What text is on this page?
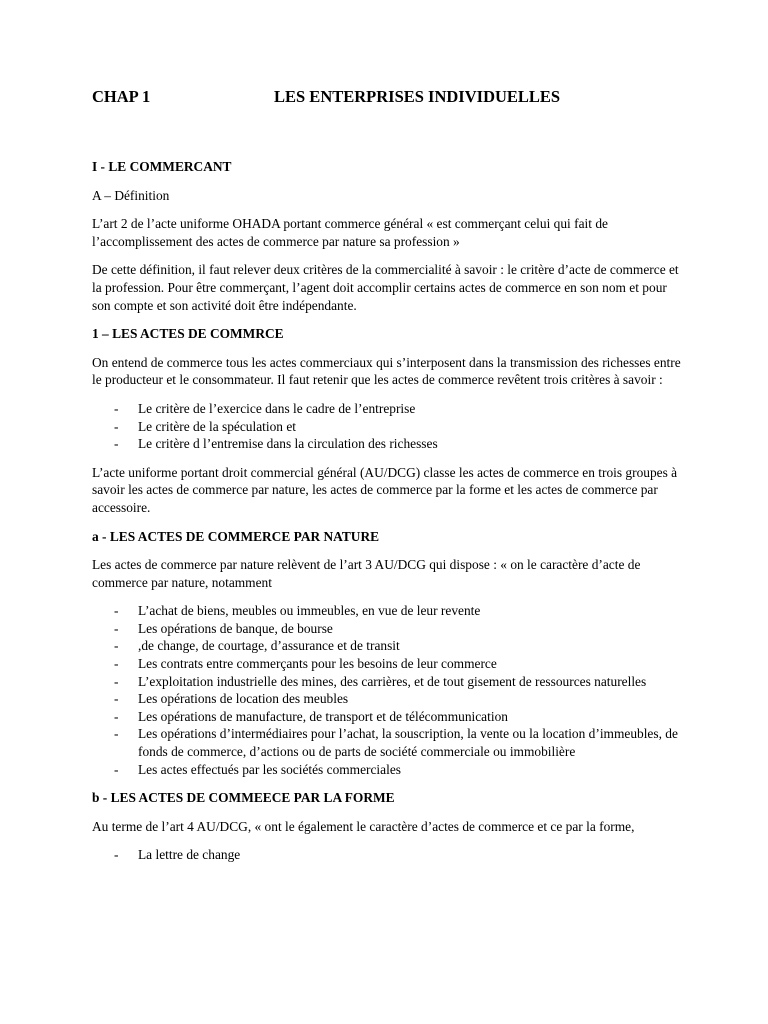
CHAP 1	LES ENTERPRISES INDIVIDUELLES
I - LE COMMERCANT

A – Définition

L’art 2 de l’acte uniforme OHADA portant commerce général « est commerçant celui qui fait de l’accomplissement des actes de commerce par nature sa profession »

De cette définition, il faut relever deux critères de la commercialité à savoir : le critère d’acte de commerce et la profession. Pour être commerçant, l’agent doit accomplir certains actes de commerce en son nom et pour son compte et son activité doit être indépendante.

1 – LES ACTES DE COMMRCE

On entend de commerce tous les actes commerciaux qui s’interposent dans la transmission des richesses entre le producteur et le consommateur. Il faut retenir que les actes de commerce revêtent trois critères à savoir :

- Le critère de l’exercice dans le cadre de l’entreprise
- Le critère de la spéculation et
- Le critère d l’entremise dans la circulation des richesses

L’acte uniforme portant droit commercial général (AU/DCG) classe les actes de commerce en trois groupes à savoir les actes de commerce par nature, les actes de commerce par la forme et les actes de commerce par accessoire.

a - LES ACTES DE COMMERCE PAR NATURE

Les actes de commerce par nature relèvent de l’art 3 AU/DCG qui dispose : « on le caractère d’acte de commerce par nature, notamment

- L’achat de biens, meubles ou immeubles, en vue de leur revente
- Les opérations de banque, de bourse
- ,de change, de courtage, d’assurance et de transit
- Les contrats entre commerçants pour les besoins de leur commerce
- L’exploitation industrielle des mines, des carrières, et de tout gisement de ressources naturelles
- Les opérations de location des meubles
- Les opérations de manufacture, de transport et de télécommunication
- Les opérations d’intermédiaires pour l’achat, la souscription, la vente ou la location d’immeubles, de fonds de commerce, d’actions ou de parts de société commerciale ou immobilière
- Les actes effectués par les sociétés commerciales
b - LES ACTES DE COMMEECE PAR LA FORME

Au terme de l’art 4 AU/DCG, « ont le également le caractère d’actes de commerce et ce par la forme,

- La lettre de change
